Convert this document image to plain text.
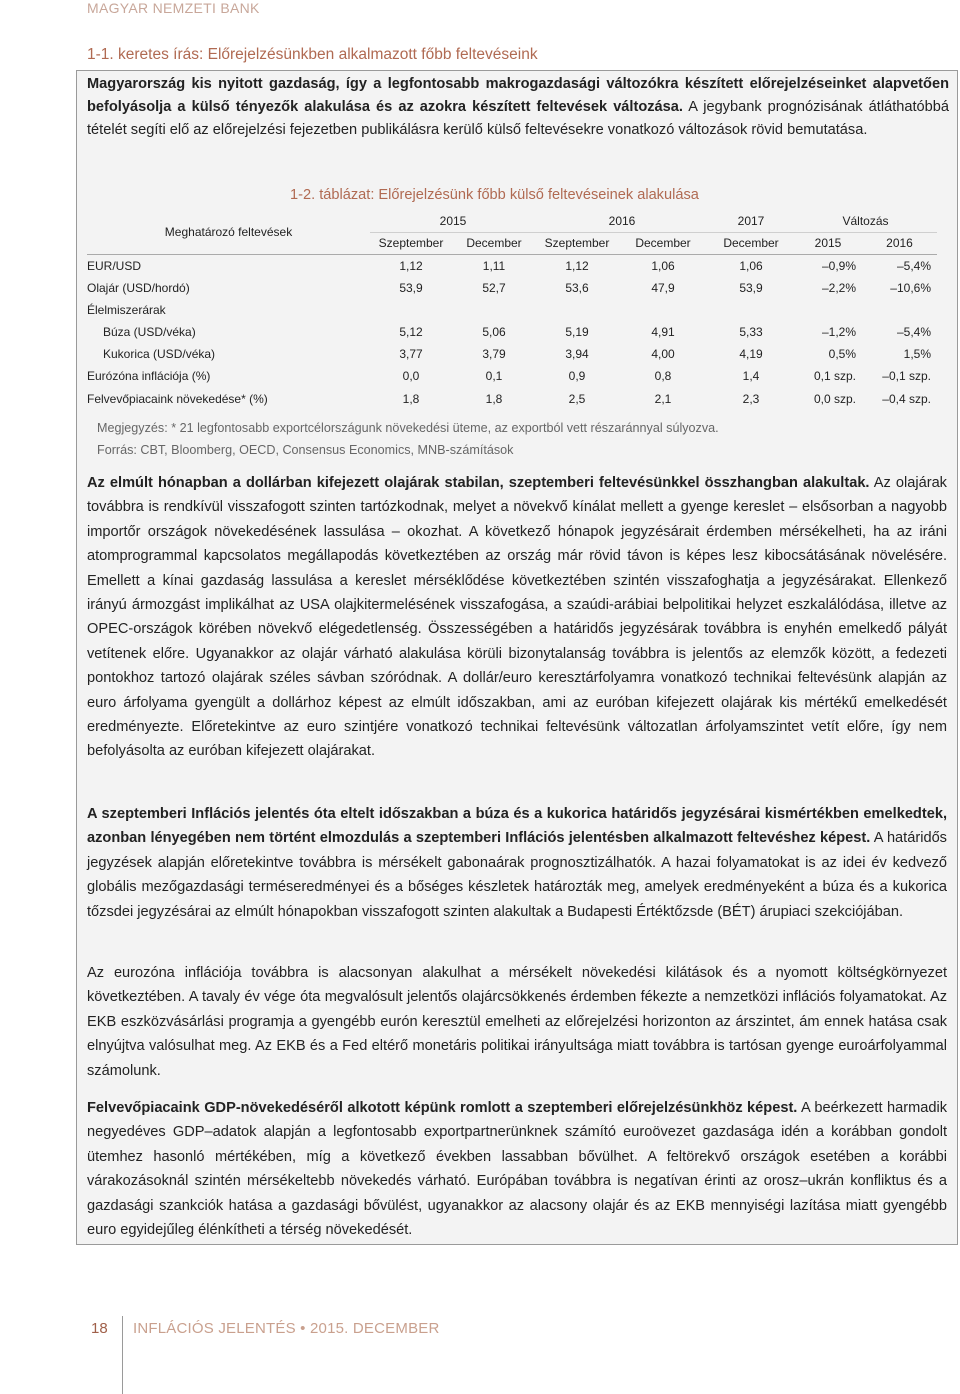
MAGYAR NEMZETI BANK
1-1. keretes írás: Előrejelzésünkben alkalmazott főbb feltevéseink
Magyarország kis nyitott gazdaság, így a legfontosabb makrogazdasági változókra készített előrejelzéseinket alapvetően befolyásolja a külső tényezők alakulása és az azokra készített feltevések változása. A jegybank prognózisának átláthatóbbá tételét segíti elő az előrejelzési fejezetben publikálásra kerülő külső feltevésekre vonatkozó változások rövid bemutatása.
1-2. táblázat: Előrejelzésünk főbb külső feltevéseinek alakulása
Meghatározó feltevések	2015		2016		2017	Változás	
	Szeptember	December	Szeptember	December	December	2015	2016
EUR/USD	1,12	1,11	1,12	1,06	1,06	–0,9%	–5,4%
Olajár (USD/hordó)	53,9	52,7	53,6	47,9	53,9	–2,2%	–10,6%
Élelmiszerárak							
Búza (USD/véka)	5,12	5,06	5,19	4,91	5,33	–1,2%	–5,4%
Kukorica (USD/véka)	3,77	3,79	3,94	4,00	4,19	0,5%	1,5%
Eurózóna inflációja (%)	0,0	0,1	0,9	0,8	1,4	0,1 szp.	–0,1 szp.
Felvevőpiacaink növekedése* (%)	1,8	1,8	2,5	2,1	2,3	0,0 szp.	–0,4 szp.
Megjegyzés: * 21 legfontosabb exportcélországunk növekedési üteme, az exportból vett részaránnyal súlyozva.
Forrás: CBT, Bloomberg, OECD, Consensus Economics, MNB-számítások
Az elmúlt hónapban a dollárban kifejezett olajárak stabilan, szeptemberi feltevésünkkel összhangban alakultak. Az olajárak továbbra is rendkívül visszafogott szinten tartózkodnak, melyet a növekvő kínálat mellett a gyenge kereslet – elsősorban a nagyobb importőr országok növekedésének lassulása – okozhat. A következő hónapok jegyzésárait érdemben mérsékelheti, ha az iráni atomprogrammal kapcsolatos megállapodás következtében az ország már rövid távon is képes lesz kibocsátásának növelésére. Emellett a kínai gazdaság lassulása a kereslet mérséklődése következtében szintén visszafoghatja a jegyzésárakat. Ellenkező irányú ármozgást implikálhat az USA olajkitermelésének visszafogása, a szaúdi-arábiai belpolitikai helyzet eszkalálódása, illetve az OPEC-országok körében növekvő elégedetlenség. Összességében a határidős jegyzésárak továbbra is enyhén emelkedő pályát vetítenek előre. Ugyanakkor az olajár várható alakulása körüli bizonytalanság továbbra is jelentős az elemzők között, a fedezeti pontokhoz tartozó olajárak széles sávban szóródnak. A dollár/euro keresztárfolyamra vonatkozó technikai feltevésünk alapján az euro árfolyama gyengült a dollárhoz képest az elmúlt időszakban, ami az euróban kifejezett olajárak kis mértékű emelkedését eredményezte. Előretekintve az euro szintjére vonatkozó technikai feltevésünk változatlan árfolyamszintet vetít előre, így nem befolyásolta az euróban kifejezett olajárakat.
A szeptemberi Inflációs jelentés óta eltelt időszakban a búza és a kukorica határidős jegyzésárai kismértékben emelkedtek, azonban lényegében nem történt elmozdulás a szeptemberi Inflációs jelentésben alkalmazott feltevéshez képest. A határidős jegyzések alapján előretekintve továbbra is mérsékelt gabonaárak prognosztizálhatók. A hazai folyamatokat is az idei év kedvező globális mezőgazdasági terméseredményei és a bőséges készletek határozták meg, amelyek eredményeként a búza és a kukorica tőzsdei jegyzésárai az elmúlt hónapokban visszafogott szinten alakultak a Budapesti Értéktőzsde (BÉT) árupiaci szekciójában.
Az eurozóna inflációja továbbra is alacsonyan alakulhat a mérsékelt növekedési kilátások és a nyomott költségkörnyezet következtében. A tavaly év vége óta megvalósult jelentős olajárcsökkenés érdemben fékezte a nemzetközi inflációs folyamatokat. Az EKB eszközvásárlási programja a gyengébb eurón keresztül emelheti az előrejelzési horizonton az árszintet, ám ennek hatása csak elnyújtva valósulhat meg. Az EKB és a Fed eltérő monetáris politikai irányultsága miatt továbbra is tartósan gyenge euroárfolyammal számolunk.
Felvevőpiacaink GDP-növekedéséről alkotott képünk romlott a szeptemberi előrejelzésünkhöz képest. A beérkezett harmadik negyedéves GDP–adatok alapján a legfontosabb exportpartnerünknek számító euroövezet gazdasága idén a korábban gondolt ütemhez hasonló mértékében, míg a következő években lassabban bővülhet. A feltörekvő országok esetében a korábbi várakozásoknál szintén mérsékeltebb növekedés várható. Európában továbbra is negatívan érinti az orosz–ukrán konfliktus és a gazdasági szankciók hatása a gazdasági bővülést, ugyanakkor az alacsony olajár és az EKB mennyiségi lazítása miatt gyengébb euro egyidejűleg élénkítheti a térség növekedését.
18 INFLÁCIÓS JELENTÉS • 2015. DECEMBER
